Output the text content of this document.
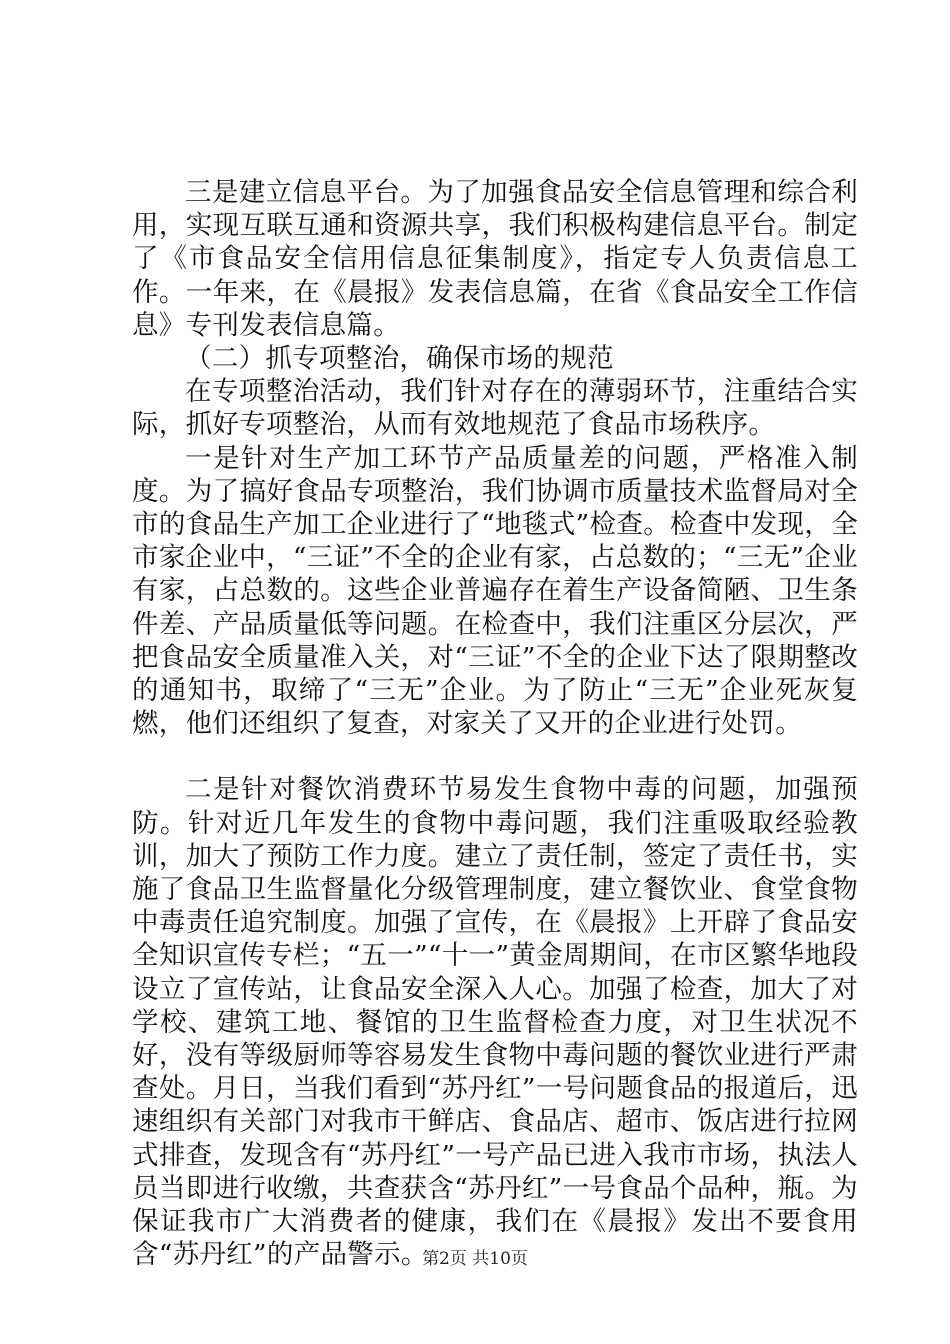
三是建立信息平台。为了加强食品安全信息管理和综合利用，实现互联互通和资源共享，我们积极构建信息平台。制定了《市食品安全信用信息征集制度》，指定专人负责信息工作。一年来，在《晨报》发表信息篇，在省《食品安全工作信息》专刊发表信息篇。

（二）抓专项整治，确保市场的规范

在专项整治活动，我们针对存在的薄弱环节，注重结合实际，抓好专项整治，从而有效地规范了食品市场秩序。

一是针对生产加工环节产品质量差的问题，严格准入制度。为了搞好食品专项整治，我们协调市质量技术监督局对全市的食品生产加工企业进行了“地毯式”检查。检查中发现，全市家企业中，“三证”不全的企业有家，占总数的；“三无”企业有家，占总数的。这些企业普遍存在着生产设备简陋、卫生条件差、产品质量低等问题。在检查中，我们注重区分层次，严把食品安全质量准入关，对“三证”不全的企业下达了限期整改的通知书，取缔了“三无”企业。为了防止“三无”企业死灰复燃，他们还组织了复查，对家关了又开的企业进行处罚。

二是针对餐饮消费环节易发生食物中毒的问题，加强预防。针对近几年发生的食物中毒问题，我们注重吸取经验教训，加大了预防工作力度。建立了责任制，签定了责任书，实施了食品卫生监督量化分级管理制度，建立餐饮业、食堂食物中毒责任追究制度。加强了宣传，在《晨报》上开辟了食品安全知识宣传专栏；“五一”“十一”黄金周期间，在市区繁华地段设立了宣传站，让食品安全深入人心。加强了检查，加大了对学校、建筑工地、餐馆的卫生监督检查力度，对卫生状况不好，没有等级厨师等容易发生食物中毒问题的餐饮业进行严肃查处。月日，当我们看到“苏丹红”一号问题食品的报道后，迅速组织有关部门对我市干鲜店、食品店、超市、饭店进行拉网式排查，发现含有“苏丹红”一号产品已进入我市市场，执法人员当即进行收缴，共查获含“苏丹红”一号食品个品种，瓶。为保证我市广大消费者的健康，我们在《晨报》发出不要食用含“苏丹红”的产品警示。

第2页 共10页
